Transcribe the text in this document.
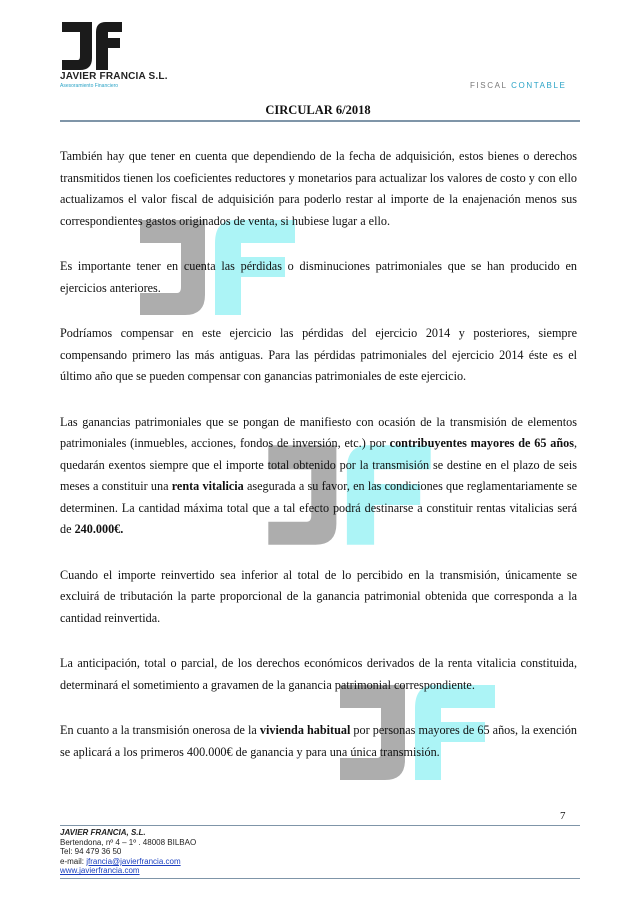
JAVIER FRANCIA S.L.
Asesoramiento Financiero	FISCAL CONTABLE
CIRCULAR 6/2018

También hay que tener en cuenta que dependiendo de la fecha de adquisición, estos bienes o derechos transmitidos tienen los coeficientes reductores y monetarios para actualizar los valores de costo y con ello actualizamos el valor fiscal de adquisición para poderlo restar al importe de la enajenación menos sus correspondientes gastos originados de venta, si hubiese lugar a ello.

Es importante tener en cuenta las pérdidas o disminuciones patrimoniales que se han producido en ejercicios anteriores.

Podríamos compensar en este ejercicio las pérdidas del ejercicio 2014 y posteriores, siempre compensando primero las más antiguas. Para las pérdidas patrimoniales del ejercicio 2014 éste es el último año que se pueden compensar con ganancias patrimoniales de este ejercicio.

Las ganancias patrimoniales que se pongan de manifiesto con ocasión de la transmisión de elementos patrimoniales (inmuebles, acciones, fondos de inversión, etc.) por contribuyentes mayores de 65 años, quedarán exentos siempre que el importe total obtenido por la transmisión se destine en el plazo de seis meses a constituir una renta vitalicia asegurada a su favor, en las condiciones que reglamentariamente se determinen. La cantidad máxima total que a tal efecto podrá destinarse a constituir rentas vitalicias será de 240.000€.

Cuando el importe reinvertido sea inferior al total de lo percibido en la transmisión, únicamente se excluirá de tributación la parte proporcional de la ganancia patrimonial obtenida que corresponda a la cantidad reinvertida.

La anticipación, total o parcial, de los derechos económicos derivados de la renta vitalicia constituida, determinará el sometimiento a gravamen de la ganancia patrimonial correspondiente.

En cuanto a la transmisión onerosa de la vivienda habitual por personas mayores de 65 años, la exención se aplicará a los primeros 400.000€ de ganancia y para una única transmisión.

7
JAVIER FRANCIA, S.L.
Bertendona, nº 4 – 1º . 48008 BILBAO
Tel: 94 479 36 50
e-mail: jfrancia@javierfrancia.com
www.javierfrancia.com
